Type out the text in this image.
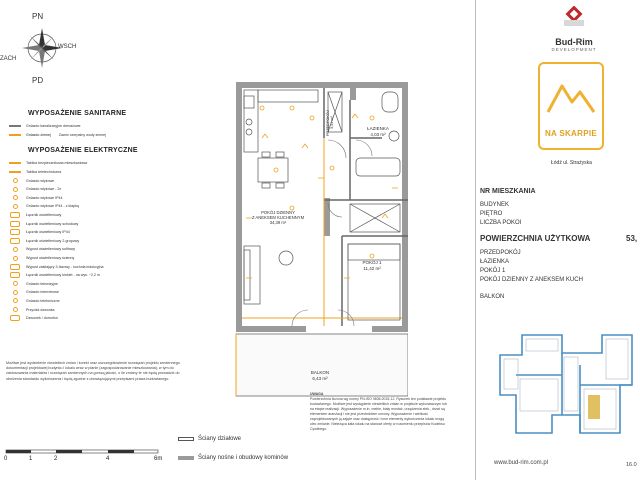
PN
PD
WSCH
ZACH
WYPOSAŻENIE SANITARNE
Gniazdo kanalizacyjne drenażowe
Gniazdo zimnej Zawór czerpalny wody zimnej
WYPOSAŻENIE ELEKTRYCZNE
Tablica bezpiecznikowa mieszkaniowa
Tablica teletechniczna
Gniazdo wtykowe
Gniazdo wtykowe - 2x
Gniazdo wtykowe IP44
Gniazdo wtykowe IP44 - z klapką
Łącznik oświetleniowy
Łącznik oświetleniowy schodowy
Łącznik oświetleniowy IP44
Łącznik oświetleniowy 2-grupowy
Wypust oświetleniowy sufitowy
Wypust oświetleniowy ścienny
Wypust zasilający 3-fazowy - kuchnia indukcyjna
Łącznik oświetleniowy kinkiet - na wys. ~2,2 m
Gniazdo telewizyjne
Gniazdo internetowe
Gniazdo telefoniczne
Przycisk dzwonka
Dzwonek / domofon
POKÓJ DZIENNY
Z ANEKSEM KUCHENNYM
34,39 m²
POKÓJ 1
11,42 m²
ŁAZIENKA
4,03 m²
PRZEDPOKÓJ 3,41 m²
BALKON
6,43 m²
Możliwe jest wydzielenie niewielkich zmian i korekt oraz uszczegółowienie rozwiązań projektu zamiennego dokumentacji projektowej budynku i lokalu wraz w planie (zagospodarowanie mieszkowania), w tym do zastosowania materiałów i rozwiązań zamiennych na gorszą jakość, o ile zmiany te nie będą prowadzić do obniżenia standardu wykończenia i będą zgodne z obowiązującymi przepisami prawa budowlanego.
UWAGA
Powierzchnia liczona wg normy PN-ISO 9836:2015-12. Rysunek ten podstawie projektu budowlanego. Możliwe jest wystąpienie niewielkich zmian w projekcie wykonawczym lub na etapie realizacji. Wyposażenie m.in. meble, biały montaż, urządzenia elek., drzwi są elementem aranżacji i nie jest przedmiotem umowy. Wyposażenie i wielkość zaprojektowanych ją zajęte oraz dostępność i inne elementy wykończenia lokalu mogą ulec zmianie. Nieleżąca kata lokalu na stanowi oferty w rozumieniu przepisów Kodeksu Cywilnego.
0	1	2	4	6m
Ściany działowe
Ściany nośne i obudowy kominów
Bud-Rim
DEVELOPMENT
NA SKARPIE
Łódź ul. Strażyska
NR MIESZKANIA
BUDYNEK
PIĘTRO
LICZBA POKOI
POWIERZCHNIA UŻYTKOWA	53,
PRZEDPOKÓJ
ŁAZIENKA
POKÓJ 1
POKÓJ DZIENNY Z ANEKSEM KUCH
BALKON
www.bud-rim.com.pl	16.0
